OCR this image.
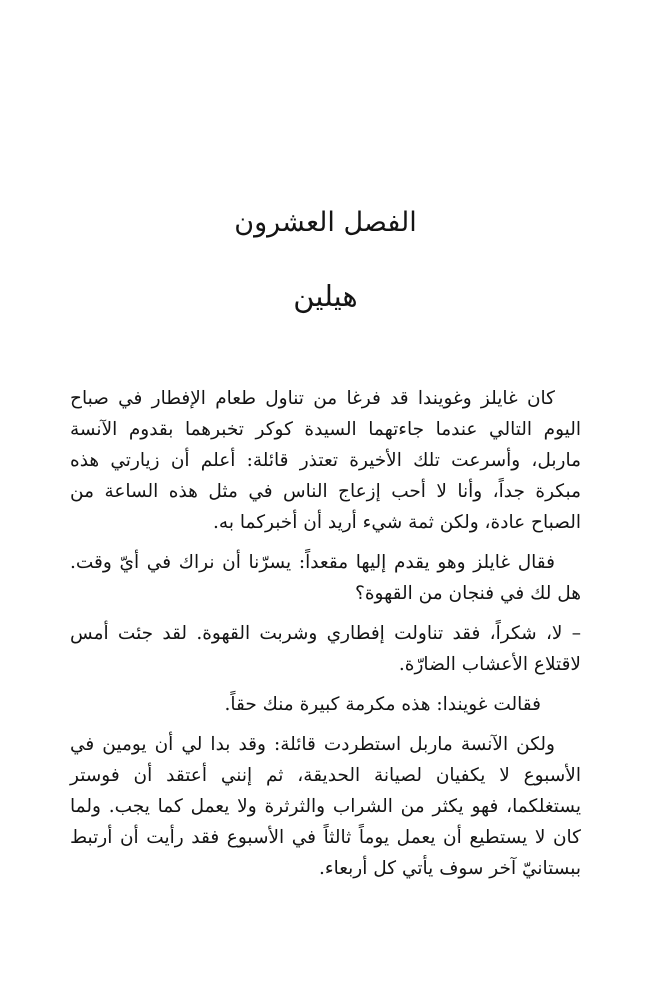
الفصل العشرون
هيلين

كان غايلز وغويندا قد فرغا من تناول طعام الإفطار في صباح اليوم التالي عندما جاءتهما السيدة كوكر تخبرهما بقدوم الآنسة ماربل، وأسرعت تلك الأخيرة تعتذر قائلة: أعلم أن زيارتي هذه مبكرة جداً، وأنا لا أحب إزعاج الناس في مثل هذه الساعة من الصباح عادة، ولكن ثمة شيء أريد أن أخبركما به.

فقال غايلز وهو يقدم إليها مقعداً: يسرّنا أن نراك في أيّ وقت. هل لك في فنجان من القهوة؟

– لا، شكراً، فقد تناولت إفطاري وشربت القهوة. لقد جئت أمس لاقتلاع الأعشاب الضارّة.

فقالت غويندا: هذه مكرمة كبيرة منك حقاً.

ولكن الآنسة ماربل استطردت قائلة: وقد بدا لي أن يومين في الأسبوع لا يكفيان لصيانة الحديقة، ثم إنني أعتقد أن فوستر يستغلكما، فهو يكثر من الشراب والثرثرة ولا يعمل كما يجب. ولما كان لا يستطيع أن يعمل يوماً ثالثاً في الأسبوع فقد رأيت أن أرتبط ببستانيّ آخر سوف يأتي كل أربعاء.
